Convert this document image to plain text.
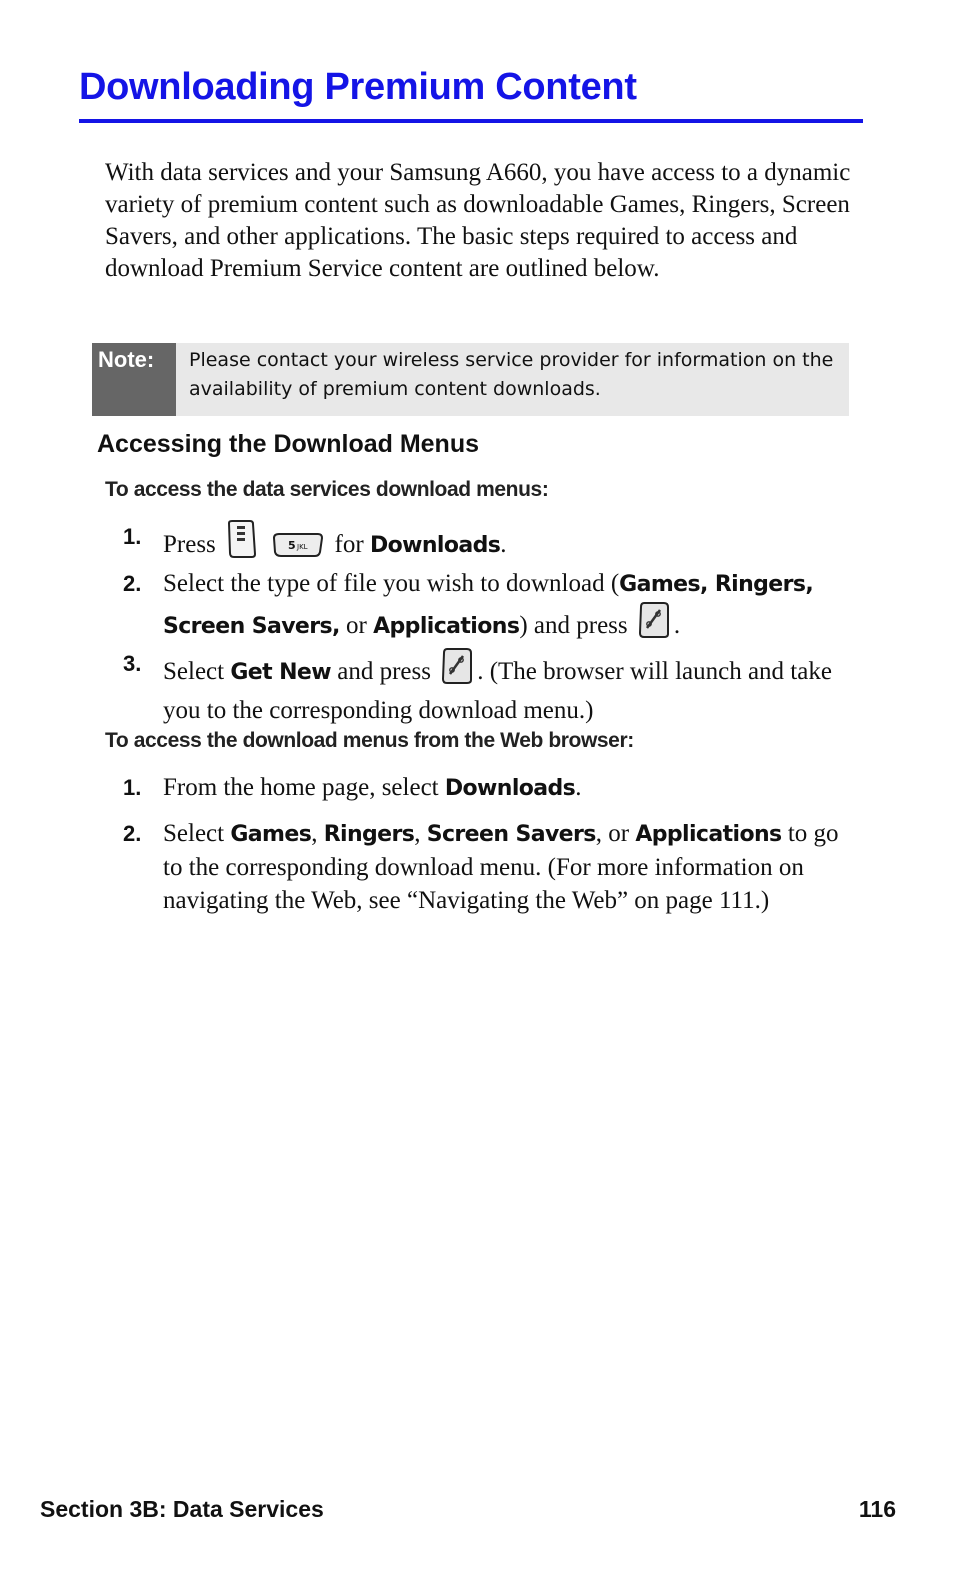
Downloading Premium Content
With data services and your Samsung A660, you have access to a dynamic variety of premium content such as downloadable Games, Ringers, Screen Savers, and other applications. The basic steps required to access and download Premium Service content are outlined below.
Note:	Please contact your wireless service provider for information on the availability of premium content downloads.
Accessing the Download Menus
To access the data services download menus:
1. Press	5 JKL for Downloads.
2. Select the type of file you wish to download (Games, Ringers,
Screen Savers, or Applications) and press .
3. Select Get New and press . (The browser will launch and take you to the corresponding download menu.)
To access the download menus from the Web browser:
1. From the home page, select Downloads.
2. Select Games, Ringers, Screen Savers, or Applications to go to the corresponding download menu. (For more information on navigating the Web, see “Navigating the Web” on page 111.)
Section 3B: Data Services	116
